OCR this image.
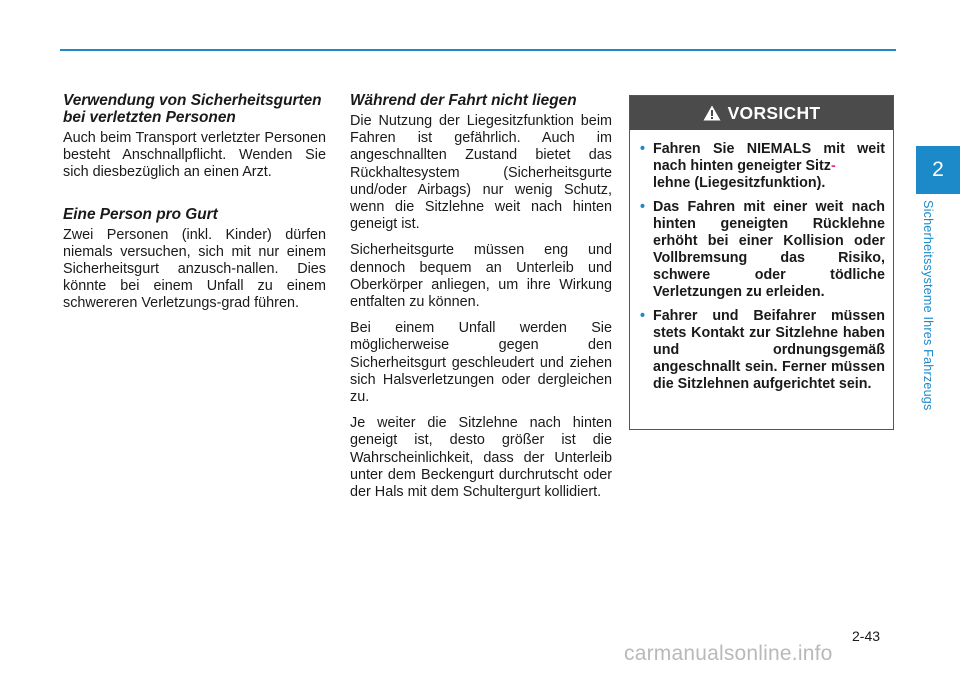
Verwendung von Sicherheitsgurten bei verletzten Personen

Auch beim Transport verletzter Personen besteht Anschnallpflicht. Wenden Sie sich diesbezüglich an einen Arzt.

Eine Person pro Gurt

Zwei Personen (inkl. Kinder) dürfen niemals versuchen, sich mit nur einem Sicherheitsgurt anzusch-nallen. Dies könnte bei einem Unfall zu einem schwereren Verletzungs-grad führen.

Während der Fahrt nicht liegen

Die Nutzung der Liegesitzfunktion beim Fahren ist gefährlich. Auch im angeschnallten Zustand bietet das Rückhaltesystem (Sicherheitsgurte und/oder Airbags) nur wenig Schutz, wenn die Sitzlehne weit nach hinten geneigt ist.

Sicherheitsgurte müssen eng und dennoch bequem an Unterleib und Oberkörper anliegen, um ihre Wirkung entfalten zu können.

Bei einem Unfall werden Sie möglicherweise gegen den Sicherheitsgurt geschleudert und ziehen sich Halsverletzungen oder dergleichen zu.

Je weiter die Sitzlehne nach hinten geneigt ist, desto größer ist die Wahrscheinlichkeit, dass der Unterleib unter dem Beckengurt durchrutscht oder der Hals mit dem Schultergurt kollidiert.

VORSICHT
• Fahren Sie NIEMALS mit weit nach hinten geneigter Sitz-
lehne (Liegesitzfunktion).
• Das Fahren mit einer weit nach hinten geneigten Rücklehne erhöht bei einer Kollision oder Vollbremsung das Risiko, schwere oder tödliche Verletzungen zu erleiden.
• Fahrer und Beifahrer müssen stets Kontakt zur Sitzlehne haben und ordnungsgemäß angeschnallt sein. Ferner müssen die Sitzlehnen aufgerichtet sein.
2
Sicherheitssysteme Ihres Fahrzeugs
2-43
carmanualsonline.info
